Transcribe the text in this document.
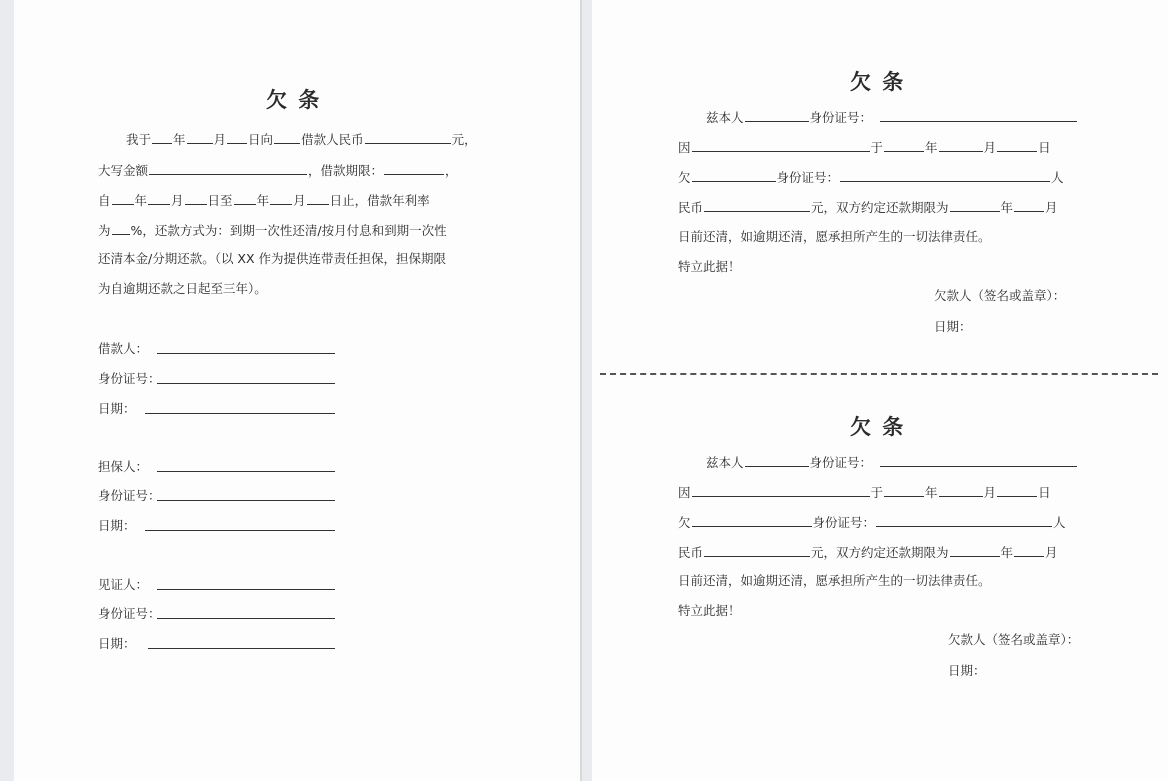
欠 条
我于 年 月 日向 借款人民币	元，
大写金额	，借款期限：	，
自 年 月 日至 年 月 日止，借款年利率
为 %，还款方式为：到期一次性还清/按月付息和到期一次性
还清本金/分期还款。（以 XX 作为提供连带责任担保，担保期限
为自逾期还款之日起至三年）。
借款人：
身份证号：
日期：
担保人：
身份证号：
日期：
见证人：
身份证号：
日期：
欠 条
兹本人	身份证号：
因	于	年	月	日
欠	身份证号：	人
民币	元，双方约定还款期限为	年	月
日前还清，如逾期还清，愿承担所产生的一切法律责任。
特立此据！
欠款人（签名或盖章）：
日期：
欠 条
兹本人	身份证号：
因	于	年	月	日
欠	身份证号：	人
民币	元，双方约定还款期限为	年	月
日前还清，如逾期还清，愿承担所产生的一切法律责任。
特立此据！
欠款人（签名或盖章）：
日期：
